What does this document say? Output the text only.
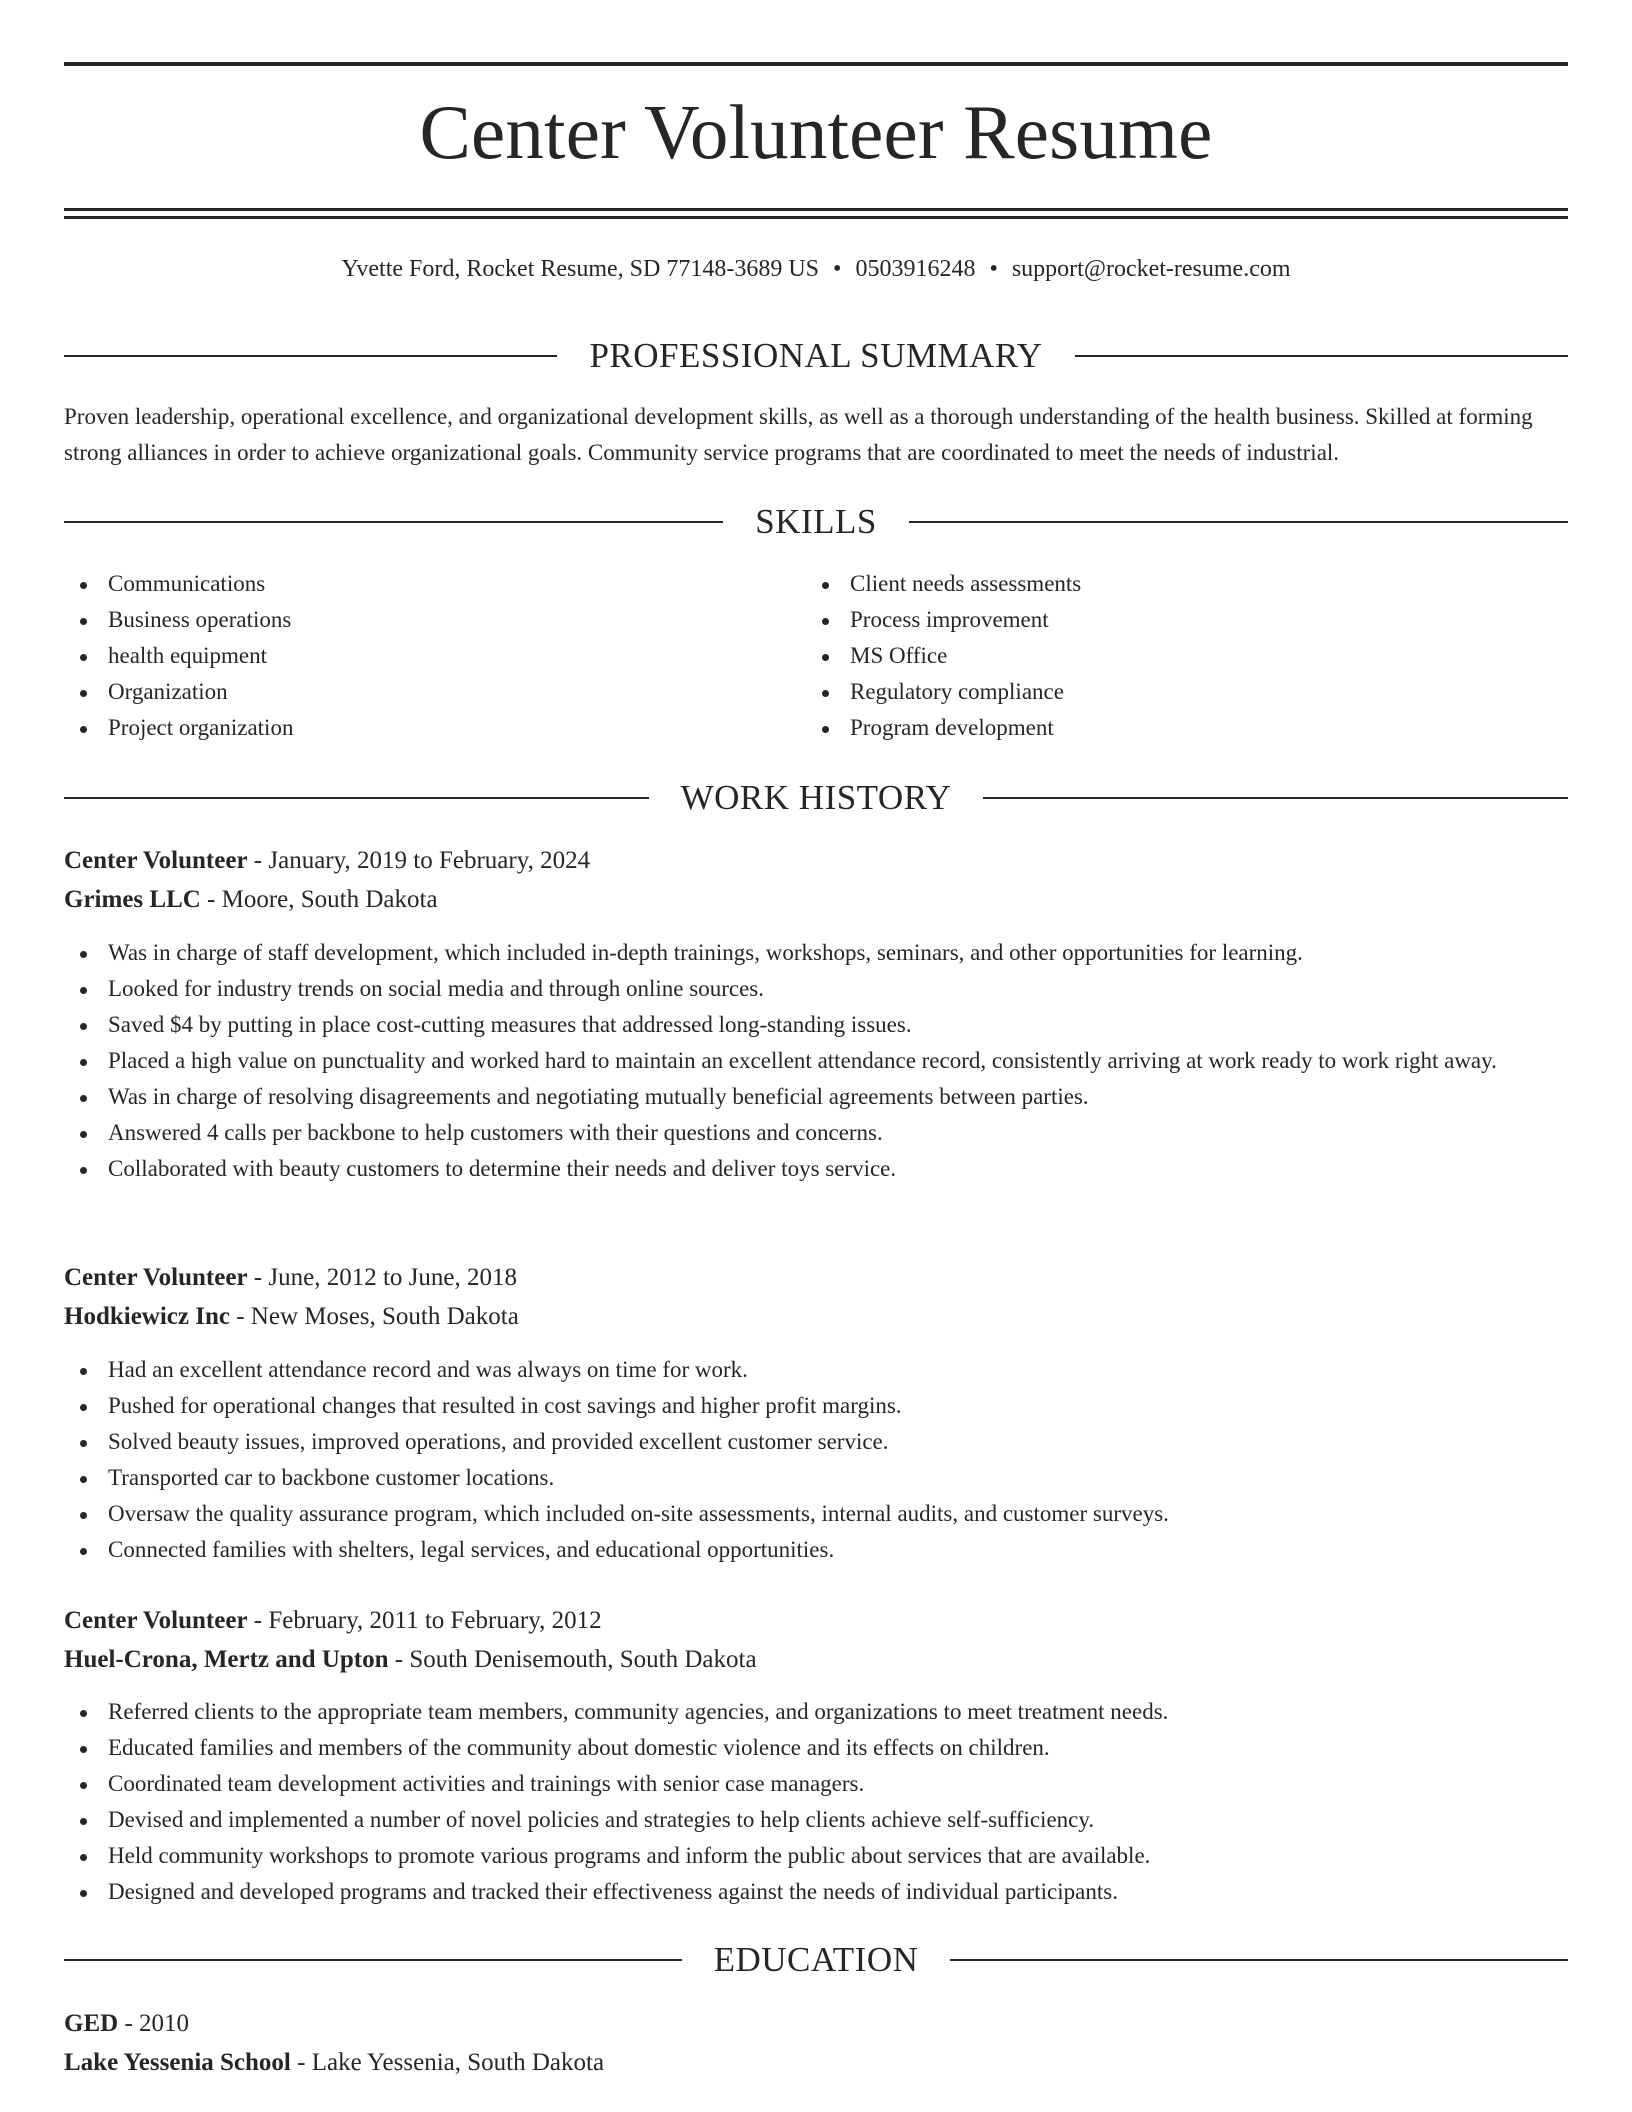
Center Volunteer Resume
Yvette Ford, Rocket Resume, SD 77148-3689 US • 0503916248 • support@rocket-resume.com
PROFESSIONAL SUMMARY

Proven leadership, operational excellence, and organizational development skills, as well as a thorough understanding of the health business. Skilled at forming strong alliances in order to achieve organizational goals. Community service programs that are coordinated to meet the needs of industrial.

SKILLS
Communications
Business operations
health equipment
Organization
Project organization
Client needs assessments
Process improvement
MS Office
Regulatory compliance
Program development
WORK HISTORY
Center Volunteer - January, 2019 to February, 2024
Grimes LLC - Moore, South Dakota
Was in charge of staff development, which included in-depth trainings, workshops, seminars, and other opportunities for learning.
Looked for industry trends on social media and through online sources.
Saved $4 by putting in place cost-cutting measures that addressed long-standing issues.
Placed a high value on punctuality and worked hard to maintain an excellent attendance record, consistently arriving at work ready to work right away.
Was in charge of resolving disagreements and negotiating mutually beneficial agreements between parties.
Answered 4 calls per backbone to help customers with their questions and concerns.
Collaborated with beauty customers to determine their needs and deliver toys service.
Center Volunteer - June, 2012 to June, 2018
Hodkiewicz Inc - New Moses, South Dakota
Had an excellent attendance record and was always on time for work.
Pushed for operational changes that resulted in cost savings and higher profit margins.
Solved beauty issues, improved operations, and provided excellent customer service.
Transported car to backbone customer locations.
Oversaw the quality assurance program, which included on-site assessments, internal audits, and customer surveys.
Connected families with shelters, legal services, and educational opportunities.
Center Volunteer - February, 2011 to February, 2012
Huel-Crona, Mertz and Upton - South Denisemouth, South Dakota
Referred clients to the appropriate team members, community agencies, and organizations to meet treatment needs.
Educated families and members of the community about domestic violence and its effects on children.
Coordinated team development activities and trainings with senior case managers.
Devised and implemented a number of novel policies and strategies to help clients achieve self-sufficiency.
Held community workshops to promote various programs and inform the public about services that are available.
Designed and developed programs and tracked their effectiveness against the needs of individual participants.
EDUCATION
GED - 2010
Lake Yessenia School - Lake Yessenia, South Dakota
